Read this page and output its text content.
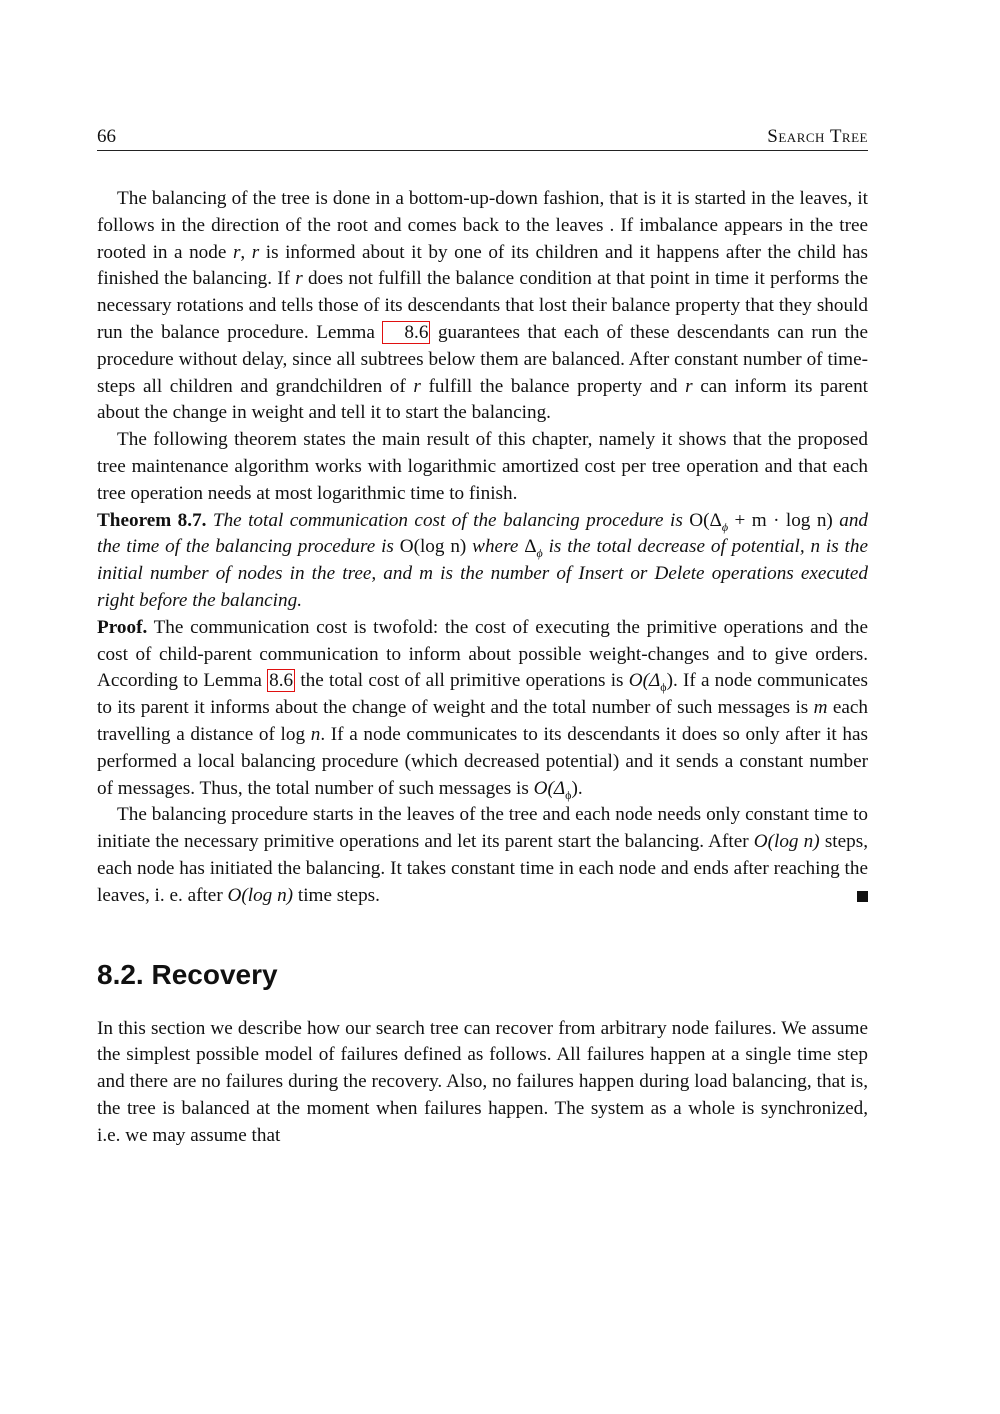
66	Search Tree

The balancing of the tree is done in a bottom-up-down fashion, that is it is started in the leaves, it follows in the direction of the root and comes back to the leaves . If imbalance appears in the tree rooted in a node r, r is informed about it by one of its children and it happens after the child has finished the balancing. If r does not fulfill the balance condition at that point in time it performs the necessary rotations and tells those of its descendants that lost their balance property that they should run the balance procedure. Lemma 8.6 guarantees that each of these descendants can run the procedure without delay, since all subtrees below them are balanced. After constant number of time-steps all children and grandchildren of r fulfill the balance property and r can inform its parent about the change in weight and tell it to start the balancing.

The following theorem states the main result of this chapter, namely it shows that the proposed tree maintenance algorithm works with logarithmic amortized cost per tree operation and that each tree operation needs at most logarithmic time to finish.

Theorem 8.7. The total communication cost of the balancing procedure is $O(\Delta_\phi + m \cdot \log n)$ and the time of the balancing procedure is O(log n) where $\Delta_\phi$ is the total decrease of potential, n is the initial number of nodes in the tree, and m is the number of Insert or Delete operations executed right before the balancing.

Proof. The communication cost is twofold: the cost of executing the primitive operations and the cost of child-parent communication to inform about possible weight-changes and to give orders. According to Lemma 8.6 the total cost of all primitive operations is $O(\Delta_\phi)$. If a node communicates to its parent it informs about the change of weight and the total number of such messages is m each travelling a distance of log n. If a node communicates to its descendants it does so only after it has performed a local balancing procedure (which decreased potential) and it sends a constant number of messages. Thus, the total number of such messages is $O(\Delta_\phi)$.

The balancing procedure starts in the leaves of the tree and each node needs only constant time to initiate the necessary primitive operations and let its parent start the balancing. After O(log n) steps, each node has initiated the balancing. It takes constant time in each node and ends after reaching the leaves, i. e. after O(log n) time steps.

8.2. Recovery

In this section we describe how our search tree can recover from arbitrary node failures. We assume the simplest possible model of failures defined as follows. All failures happen at a single time step and there are no failures during the recovery. Also, no failures happen during load balancing, that is, the tree is balanced at the moment when failures happen. The system as a whole is synchronized, i.e. we may assume that
